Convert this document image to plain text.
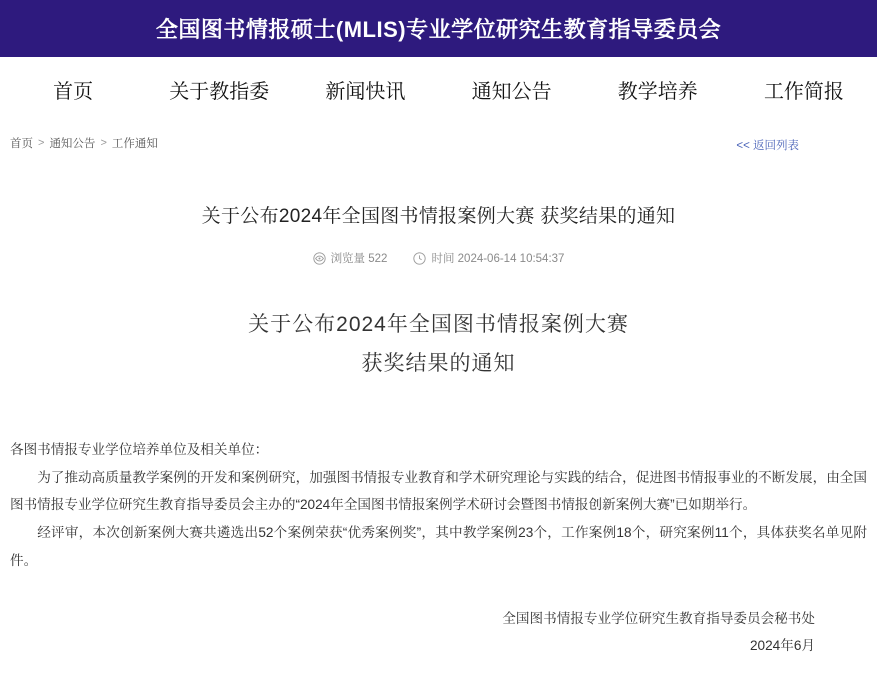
全国图书情报硕士(MLIS)专业学位研究生教育指导委员会
首页	关于教指委	新闻快讯	通知公告	教学培养	工作简报
首页 > 通知公告 > 工作通知	<< 返回列表
关于公布2024年全国图书情报案例大赛 获奖结果的通知
浏览量 522	时间 2024-06-14 10:54:37
关于公布2024年全国图书情报案例大赛
获奖结果的通知

各图书情报专业学位培养单位及相关单位：

为了推动高质量教学案例的开发和案例研究，加强图书情报专业教育和学术研究理论与实践的结合，促进图书情报事业的不断发展，由全国图书情报专业学位研究生教育指导委员会主办的“2024年全国图书情报案例学术研讨会暨图书情报创新案例大赛”已如期举行。

经评审，本次创新案例大赛共遴选出52个案例荣获“优秀案例奖”，其中教学案例23个，工作案例18个，研究案例11个，具体获奖名单见附件。

全国图书情报专业学位研究生教育指导委员会秘书处
2024年6月
